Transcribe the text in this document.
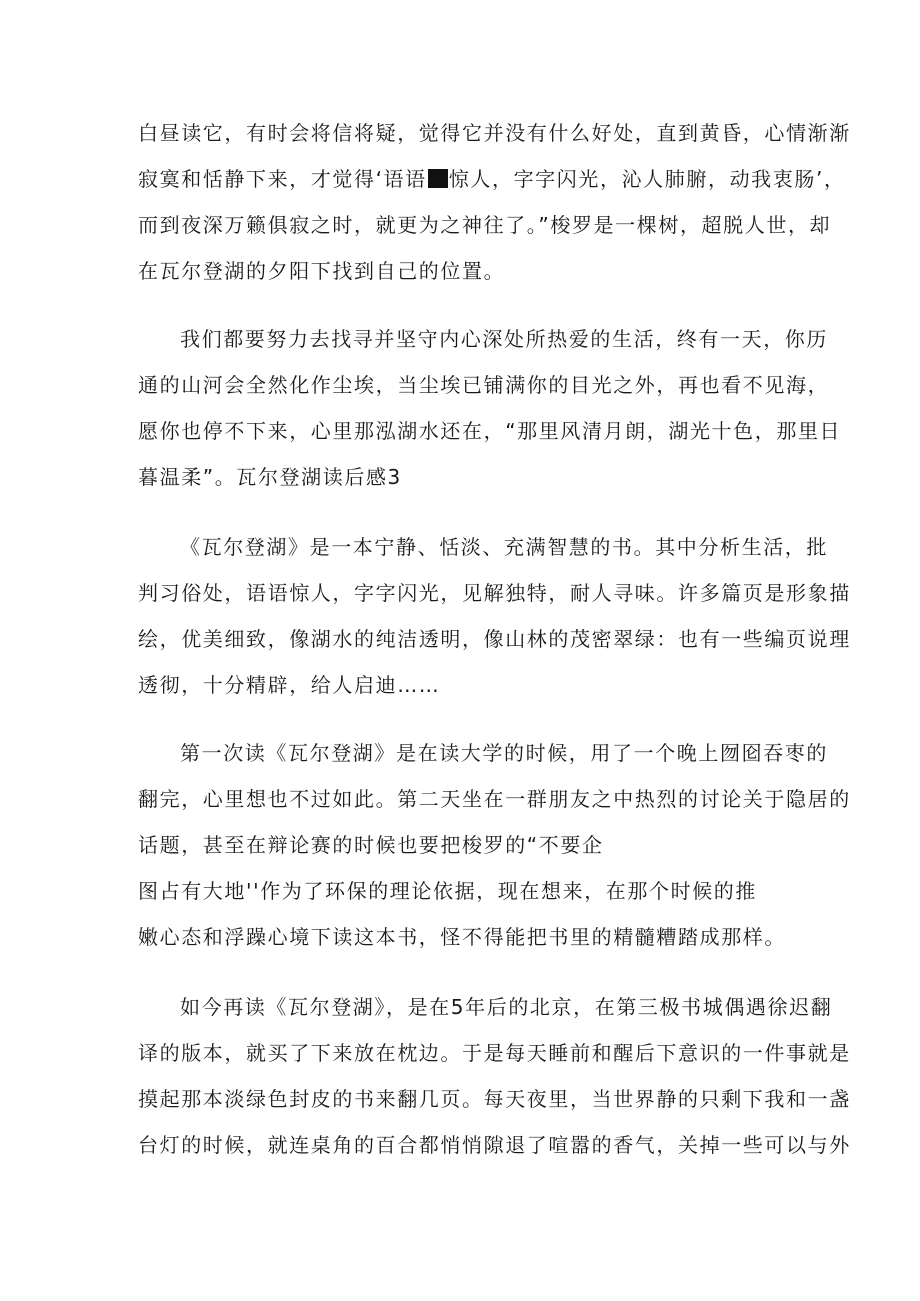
白昼读它，有时会将信将疑，觉得它并没有什么好处，直到黄昏，心情渐渐
寂寞和恬静下来，才觉得‘语语 惊人，字字闪光，沁人肺腑，动我衷肠’，
而到夜深万籁俱寂之时，就更为之神往了。”梭罗是一棵树，超脱人世，却
在瓦尔登湖的夕阳下找到自己的位置。
我们都要努力去找寻并坚守内心深处所热爱的生活，终有一天，你历
通的山河会全然化作尘埃，当尘埃已铺满你的目光之外，再也看不见海，
愿你也停不下来，心里那泓湖水还在，“那里风清月朗，湖光十色，那里日
暮温柔”。瓦尔登湖读后感3
《瓦尔登湖》是一本宁静、恬淡、充满智慧的书。其中分析生活，批
判习俗处，语语惊人，字字闪光，见解独特，耐人寻味。许多篇页是形象描
绘，优美细致，像湖水的纯洁透明，像山林的茂密翠绿：也有一些编页说理
透彻，十分精辟，给人启迪……
第一次读《瓦尔登湖》是在读大学的时候，用了一个晚上囫囵吞枣的
翻完，心里想也不过如此。第二天坐在一群朋友之中热烈的讨论关于隐居的
话题，甚至在辩论赛的时候也要把梭罗的“不要企
图占有大地''作为了环保的理论依据，现在想来，在那个时候的推
嫩心态和浮躁心境下读这本书，怪不得能把书里的精髓糟踏成那样。
如今再读《瓦尔登湖》，是在5年后的北京，在第三极书城偶遇徐迟翻
译的版本，就买了下来放在枕边。于是每天睡前和醒后下意识的一件事就是
摸起那本淡绿色封皮的书来翻几页。每天夜里，当世界静的只剩下我和一盏
台灯的时候，就连桌角的百合都悄悄隙退了喧嚣的香气，关掉一些可以与外
